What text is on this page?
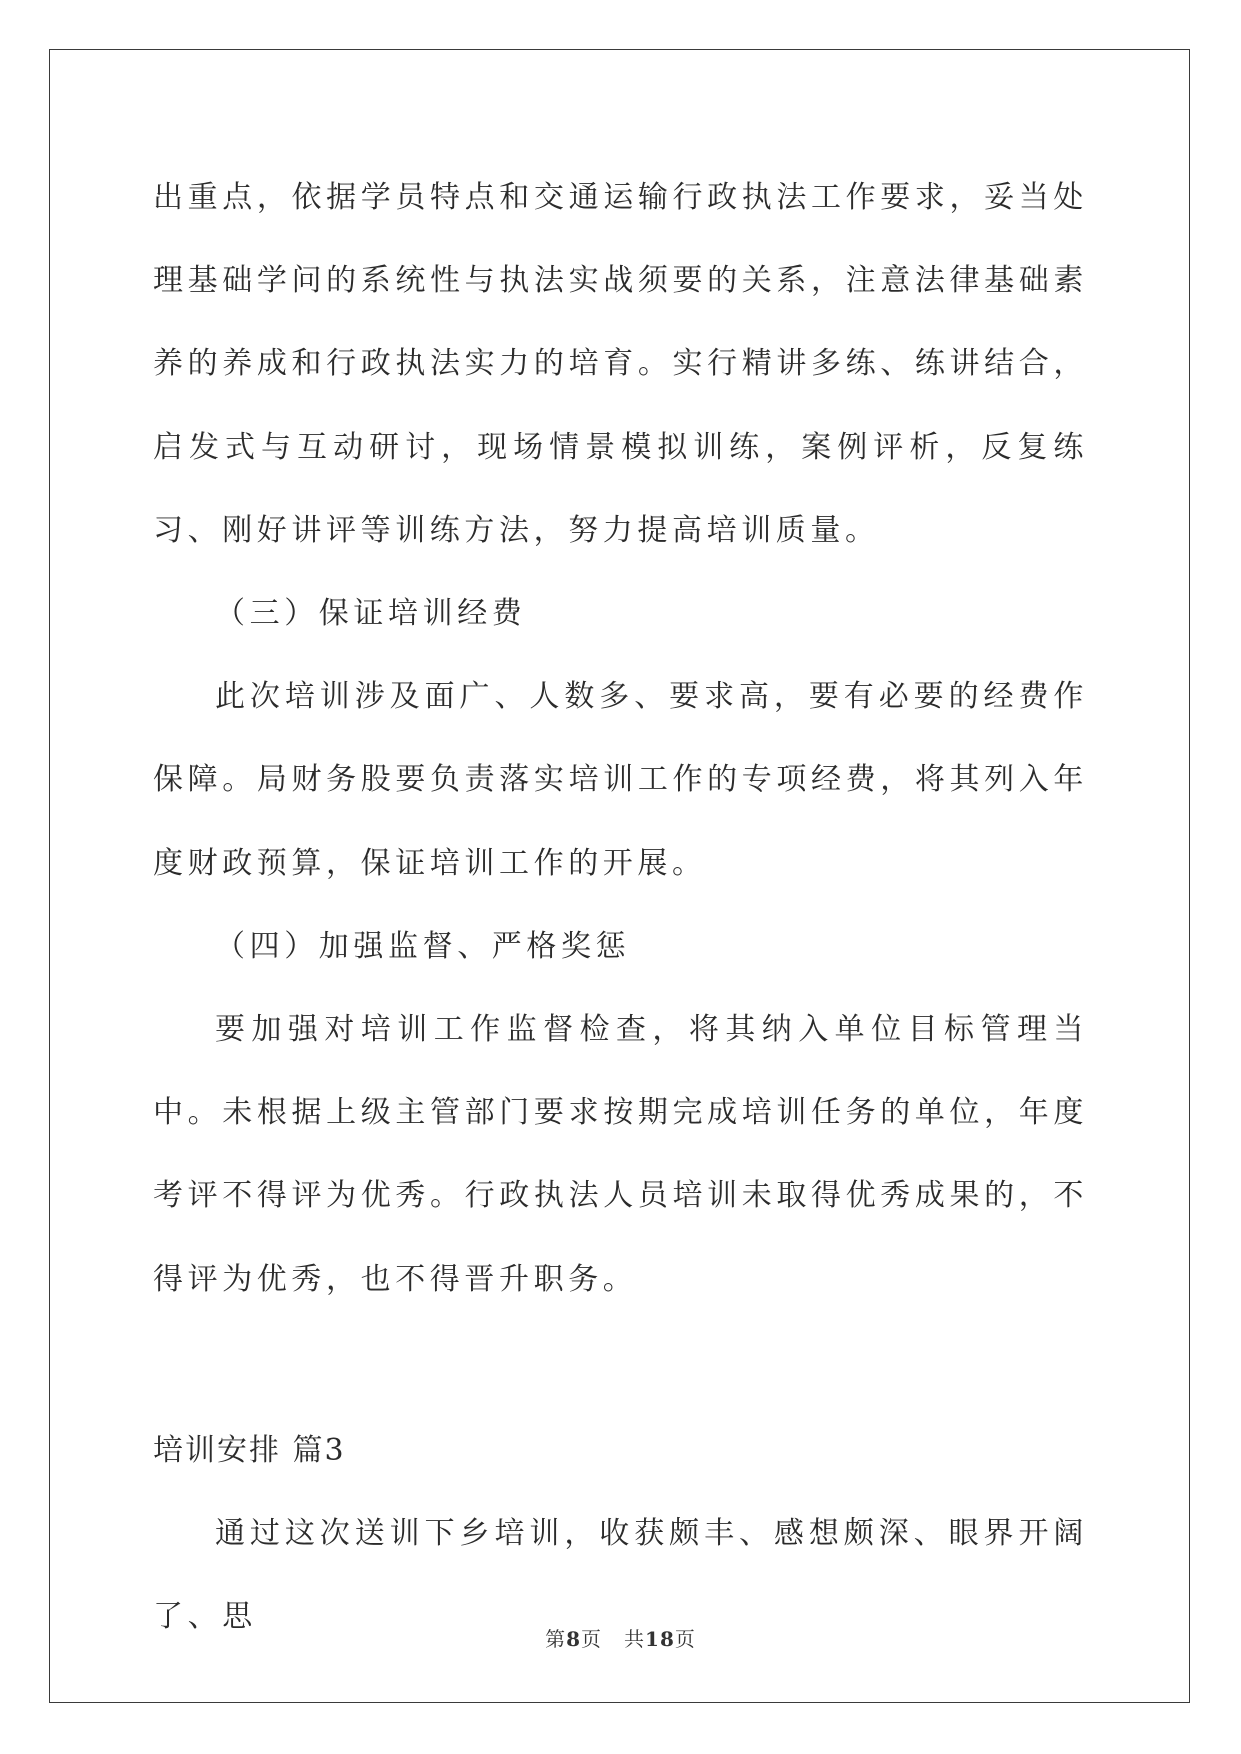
出重点，依据学员特点和交通运输行政执法工作要求，妥当处理基础学问的系统性与执法实战须要的关系，注意法律基础素养的养成和行政执法实力的培育。实行精讲多练、练讲结合，启发式与互动研讨，现场情景模拟训练，案例评析，反复练习、刚好讲评等训练方法，努力提高培训质量。

（三）保证培训经费

此次培训涉及面广、人数多、要求高，要有必要的经费作保障。局财务股要负责落实培训工作的专项经费，将其列入年度财政预算，保证培训工作的开展。

（四）加强监督、严格奖惩

要加强对培训工作监督检查，将其纳入单位目标管理当中。未根据上级主管部门要求按期完成培训任务的单位，年度考评不得评为优秀。行政执法人员培训未取得优秀成果的，不得评为优秀，也不得晋升职务。

培训安排 篇3

通过这次送训下乡培训，收获颇丰、感想颇深、眼界开阔了、思

第8页 共18页
